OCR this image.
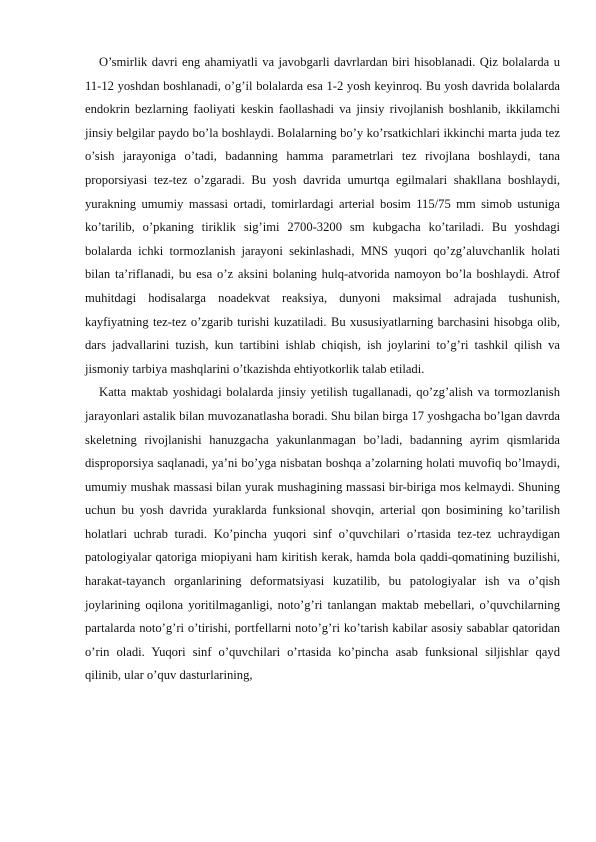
O’smirlik davri eng ahamiyatli va javobgarli davrlardan biri hisoblanadi. Qiz bolalarda u 11-12 yoshdan boshlanadi, o’g’il bolalarda esa 1-2 yosh keyinroq. Bu yosh davrida bolalarda endokrin bezlarning faoliyati keskin faollashadi va jinsiy rivojlanish boshlanib, ikkilamchi jinsiy belgilar paydo bo’la boshlaydi. Bolalarning bo’y ko’rsatkichlari ikkinchi marta juda tez o’sish jarayoniga o’tadi, badanning hamma parametrlari tez rivojlana boshlaydi, tana proporsiyasi tez-tez o’zgaradi. Bu yosh davrida umurtqa egilmalari shakllana boshlaydi, yurakning umumiy massasi ortadi, tomirlardagi arterial bosim 115/75 mm simob ustuniga ko’tarilib, o’pkaning tiriklik sig’imi 2700-3200 sm kubgacha ko’tariladi. Bu yoshdagi bolalarda ichki tormozlanish jarayoni sekinlashadi, MNS yuqori qo’zg’aluvchanlik holati bilan ta’riflanadi, bu esa o’z aksini bolaning hulq-atvorida namoyon bo’la boshlaydi. Atrof muhitdagi hodisalarga noadekvat reaksiya, dunyoni maksimal adrajada tushunish, kayfiyatning tez-tez o’zgarib turishi kuzatiladi. Bu xususiyatlarning barchasini hisobga olib, dars jadvallarini tuzish, kun tartibini ishlab chiqish, ish joylarini to’g’ri tashkil qilish va jismoniy tarbiya mashqlarini o’tkazishda ehtiyotkorlik talab etiladi.

Katta maktab yoshidagi bolalarda jinsiy yetilish tugallanadi, qo’zg’alish va tormozlanish jarayonlari astalik bilan muvozanatlasha boradi. Shu bilan birga 17 yoshgacha bo’lgan davrda skeletning rivojlanishi hanuzgacha yakunlanmagan bo’ladi, badanning ayrim qismlarida disproporsiya saqlanadi, ya’ni bo’yga nisbatan boshqa a’zolarning holati muvofiq bo’lmaydi, umumiy mushak massasi bilan yurak mushagining massasi bir-biriga mos kelmaydi. Shuning uchun bu yosh davrida yuraklarda funksional shovqin, arterial qon bosimining ko’tarilish holatlari uchrab turadi. Ko’pincha yuqori sinf o’quvchilari o’rtasida tez-tez uchraydigan patologiyalar qatoriga miopiyani ham kiritish kerak, hamda bola qaddi-qomatining buzilishi, harakat-tayanch organlarining deformatsiyasi kuzatilib, bu patologiyalar ish va o’qish joylarining oqilona yoritilmaganligi, noto’g’ri tanlangan maktab mebellari, o’quvchilarning partalarda noto’g’ri o’tirishi, portfellarni noto’g’ri ko’tarish kabilar asosiy sabablar qatoridan o’rin oladi. Yuqori sinf o’quvchilari o’rtasida ko’pincha asab funksional siljishlar qayd qilinib, ular o’quv dasturlarining,
